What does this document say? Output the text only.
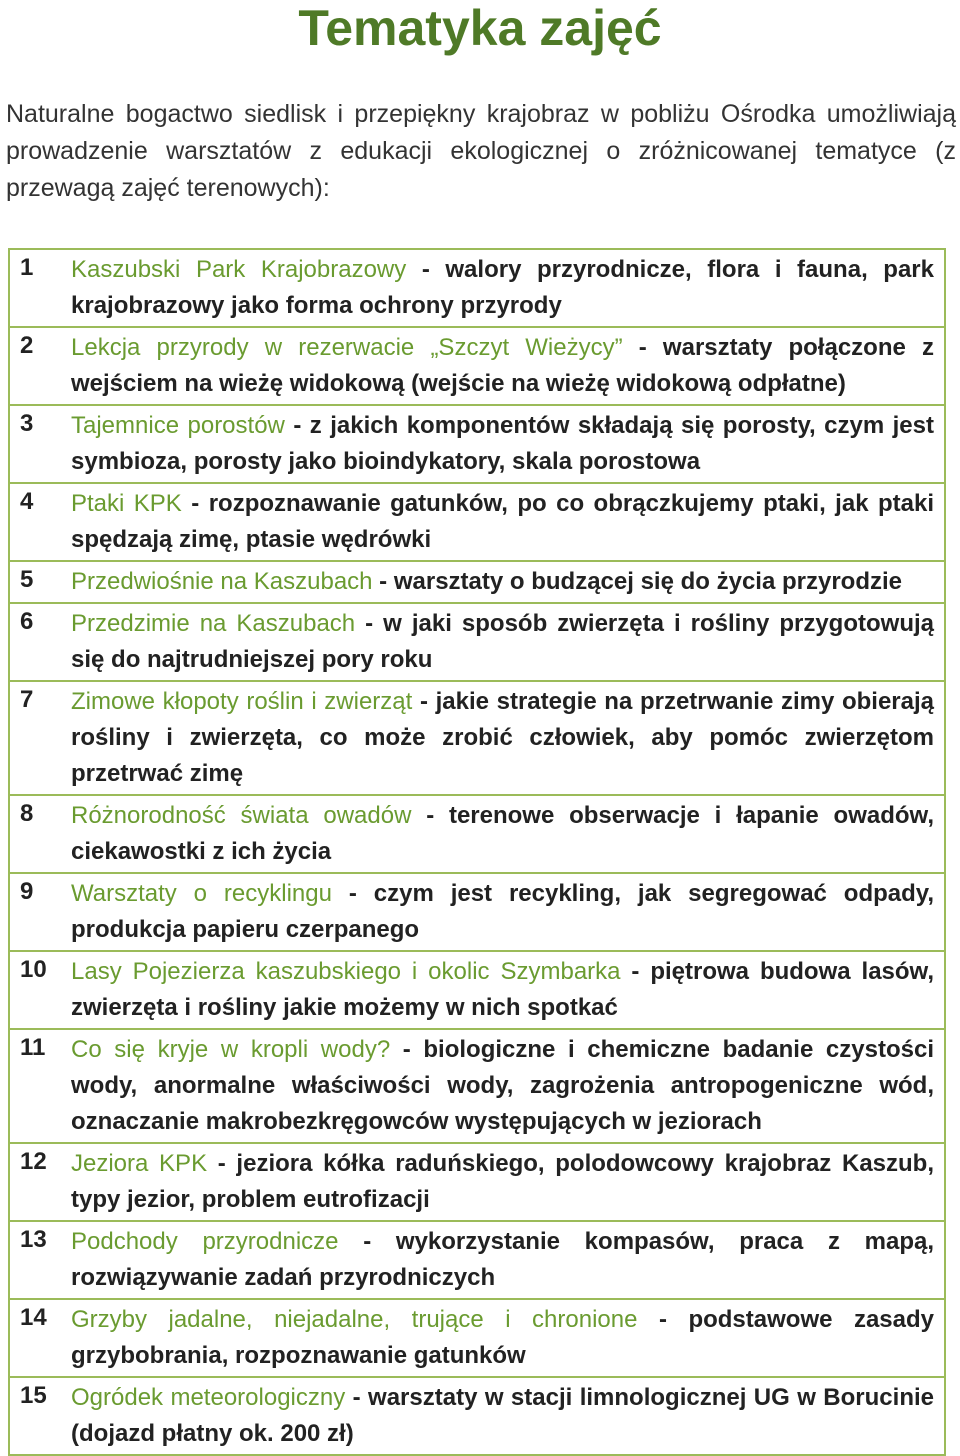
Tematyka zajęć

Naturalne bogactwo siedlisk i przepiękny krajobraz w pobliżu Ośrodka umożliwiają prowadzenie warsztatów z edukacji ekologicznej o zróżnicowanej tematyce (z przewagą zajęć terenowych):

1	Kaszubski Park Krajobrazowy - walory przyrodnicze, flora i fauna, park krajobrazowy jako forma ochrony przyrody
2	Lekcja przyrody w rezerwacie „Szczyt Wieżycy” - warsztaty połączone z wejściem na wieżę widokową (wejście na wieżę widokową odpłatne)
3	Tajemnice porostów - z jakich komponentów składają się porosty, czym jest symbioza, porosty jako bioindykatory, skala porostowa
4	Ptaki KPK - rozpoznawanie gatunków, po co obrączkujemy ptaki, jak ptaki spędzają zimę, ptasie wędrówki
5	Przedwiośnie na Kaszubach - warsztaty o budzącej się do życia przyrodzie
6	Przedzimie na Kaszubach - w jaki sposób zwierzęta i rośliny przygotowują się do najtrudniejszej pory roku
7	Zimowe kłopoty roślin i zwierząt - jakie strategie na przetrwanie zimy obierają rośliny i zwierzęta, co może zrobić człowiek, aby pomóc zwierzętom przetrwać zimę
8	Różnorodność świata owadów - terenowe obserwacje i łapanie owadów, ciekawostki z ich życia
9	Warsztaty o recyklingu - czym jest recykling, jak segregować odpady, produkcja papieru czerpanego
10	Lasy Pojezierza kaszubskiego i okolic Szymbarka - piętrowa budowa lasów, zwierzęta i rośliny jakie możemy w nich spotkać
11	Co się kryje w kropli wody? - biologiczne i chemiczne badanie czystości wody, anormalne właściwości wody, zagrożenia antropogeniczne wód, oznaczanie makrobezkręgowców występujących w jeziorach
12	Jeziora KPK - jeziora kółka raduńskiego, polodowcowy krajobraz Kaszub, typy jezior, problem eutrofizacji
13	Podchody przyrodnicze - wykorzystanie kompasów, praca z mapą, rozwiązywanie zadań przyrodniczych
14	Grzyby jadalne, niejadalne, trujące i chronione - podstawowe zasady grzybobrania, rozpoznawanie gatunków
15	Ogródek meteorologiczny - warsztaty w stacji limnologicznej UG w Borucinie (dojazd płatny ok. 200 zł)
